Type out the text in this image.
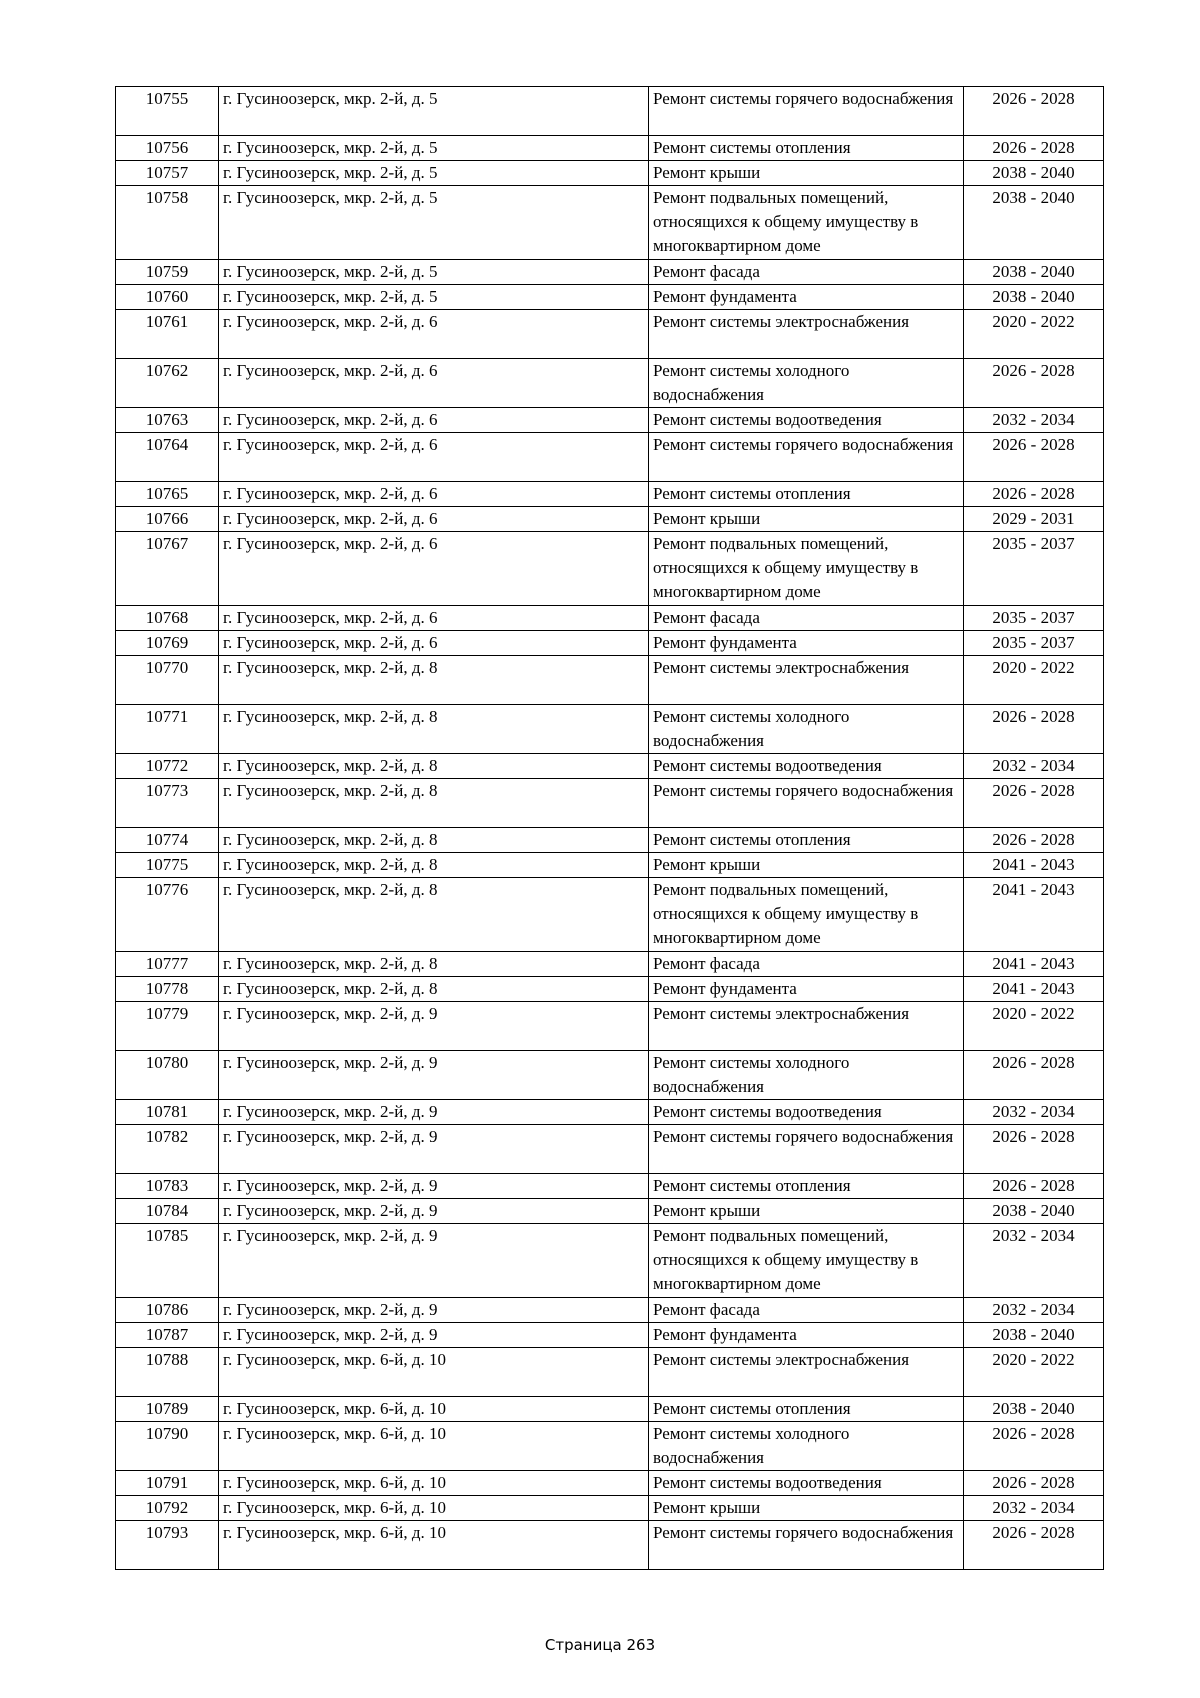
10755	г. Гусиноозерск, мкр. 2-й, д. 5	Ремонт системы горячего водоснабжения	2026 - 2028
10756	г. Гусиноозерск, мкр. 2-й, д. 5	Ремонт системы отопления	2026 - 2028
10757	г. Гусиноозерск, мкр. 2-й, д. 5	Ремонт крыши	2038 - 2040
10758	г. Гусиноозерск, мкр. 2-й, д. 5	Ремонт подвальных помещений, относящихся к общему имуществу в многоквартирном доме	2038 - 2040
10759	г. Гусиноозерск, мкр. 2-й, д. 5	Ремонт фасада	2038 - 2040
10760	г. Гусиноозерск, мкр. 2-й, д. 5	Ремонт фундамента	2038 - 2040
10761	г. Гусиноозерск, мкр. 2-й, д. 6	Ремонт системы электроснабжения	2020 - 2022
10762	г. Гусиноозерск, мкр. 2-й, д. 6	Ремонт системы холодного водоснабжения	2026 - 2028
10763	г. Гусиноозерск, мкр. 2-й, д. 6	Ремонт системы водоотведения	2032 - 2034
10764	г. Гусиноозерск, мкр. 2-й, д. 6	Ремонт системы горячего водоснабжения	2026 - 2028
10765	г. Гусиноозерск, мкр. 2-й, д. 6	Ремонт системы отопления	2026 - 2028
10766	г. Гусиноозерск, мкр. 2-й, д. 6	Ремонт крыши	2029 - 2031
10767	г. Гусиноозерск, мкр. 2-й, д. 6	Ремонт подвальных помещений, относящихся к общему имуществу в многоквартирном доме	2035 - 2037
10768	г. Гусиноозерск, мкр. 2-й, д. 6	Ремонт фасада	2035 - 2037
10769	г. Гусиноозерск, мкр. 2-й, д. 6	Ремонт фундамента	2035 - 2037
10770	г. Гусиноозерск, мкр. 2-й, д. 8	Ремонт системы электроснабжения	2020 - 2022
10771	г. Гусиноозерск, мкр. 2-й, д. 8	Ремонт системы холодного водоснабжения	2026 - 2028
10772	г. Гусиноозерск, мкр. 2-й, д. 8	Ремонт системы водоотведения	2032 - 2034
10773	г. Гусиноозерск, мкр. 2-й, д. 8	Ремонт системы горячего водоснабжения	2026 - 2028
10774	г. Гусиноозерск, мкр. 2-й, д. 8	Ремонт системы отопления	2026 - 2028
10775	г. Гусиноозерск, мкр. 2-й, д. 8	Ремонт крыши	2041 - 2043
10776	г. Гусиноозерск, мкр. 2-й, д. 8	Ремонт подвальных помещений, относящихся к общему имуществу в многоквартирном доме	2041 - 2043
10777	г. Гусиноозерск, мкр. 2-й, д. 8	Ремонт фасада	2041 - 2043
10778	г. Гусиноозерск, мкр. 2-й, д. 8	Ремонт фундамента	2041 - 2043
10779	г. Гусиноозерск, мкр. 2-й, д. 9	Ремонт системы электроснабжения	2020 - 2022
10780	г. Гусиноозерск, мкр. 2-й, д. 9	Ремонт системы холодного водоснабжения	2026 - 2028
10781	г. Гусиноозерск, мкр. 2-й, д. 9	Ремонт системы водоотведения	2032 - 2034
10782	г. Гусиноозерск, мкр. 2-й, д. 9	Ремонт системы горячего водоснабжения	2026 - 2028
10783	г. Гусиноозерск, мкр. 2-й, д. 9	Ремонт системы отопления	2026 - 2028
10784	г. Гусиноозерск, мкр. 2-й, д. 9	Ремонт крыши	2038 - 2040
10785	г. Гусиноозерск, мкр. 2-й, д. 9	Ремонт подвальных помещений, относящихся к общему имуществу в многоквартирном доме	2032 - 2034
10786	г. Гусиноозерск, мкр. 2-й, д. 9	Ремонт фасада	2032 - 2034
10787	г. Гусиноозерск, мкр. 2-й, д. 9	Ремонт фундамента	2038 - 2040
10788	г. Гусиноозерск, мкр. 6-й, д. 10	Ремонт системы электроснабжения	2020 - 2022
10789	г. Гусиноозерск, мкр. 6-й, д. 10	Ремонт системы отопления	2038 - 2040
10790	г. Гусиноозерск, мкр. 6-й, д. 10	Ремонт системы холодного водоснабжения	2026 - 2028
10791	г. Гусиноозерск, мкр. 6-й, д. 10	Ремонт системы водоотведения	2026 - 2028
10792	г. Гусиноозерск, мкр. 6-й, д. 10	Ремонт крыши	2032 - 2034
10793	г. Гусиноозерск, мкр. 6-й, д. 10	Ремонт системы горячего водоснабжения	2026 - 2028
Страница 263
